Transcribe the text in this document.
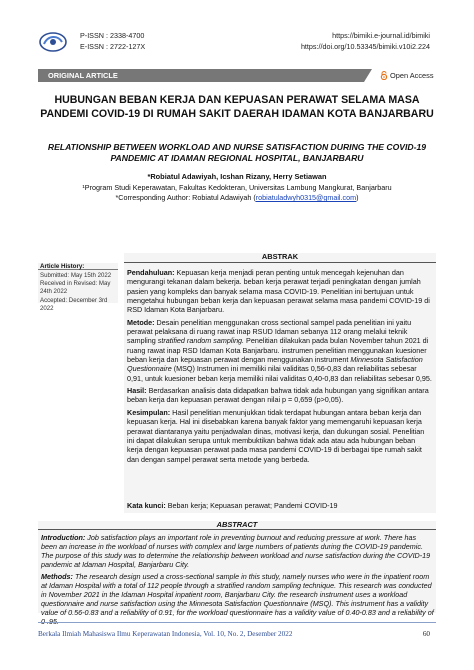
P-ISSN : 2338-4700
E-ISSN : 2722-127X
https://bimiki.e-journal.id/bimiki
https://doi.org/10.53345/bimiki.v10i2.224
ORIGINAL ARTICLE	Open Access
HUBUNGAN BEBAN KERJA DAN KEPUASAN PERAWAT SELAMA MASA PANDEMI COVID-19 DI RUMAH SAKIT DAERAH IDAMAN KOTA BANJARBARU
RELATIONSHIP BETWEEN WORKLOAD AND NURSE SATISFACTION DURING THE COVID-19 PANDEMIC AT IDAMAN REGIONAL HOSPITAL, BANJARBARU
*Robiatul Adawiyah, Icshan Rizany, Herry Setiawan
¹Program Studi Keperawatan, Fakultas Kedokteran, Universitas Lambung Mangkurat, Banjarbaru
*Corresponding Author: Robiatul Adawiyah (robiatuladwyh0315@gmail.com)
Article History:
Submitted: May 15th 2022
Received in Revised: May 24th 2022
Accepted: December 3rd 2022
ABSTRAK

Pendahuluan: Kepuasan kerja menjadi peran penting untuk mencegah kejenuhan dan mengurangi tekanan dalam bekerja. beban kerja perawat terjadi peningkatan dengan jumlah pasien yang kompleks dan banyak selama masa COVID-19. Penelitian ini bertujuan untuk mengetahui hubungan beban kerja dan kepuasan perawat selama masa pandemi COVID-19 di RSD Idaman Kota Banjarbaru.

Metode: Desain penelitian menggunakan cross sectional sampel pada penelitian ini yaitu perawat pelaksana di ruang rawat inap RSUD Idaman sebanya 112 orang melalui teknik sampling stratified random sampling. Penelitian dilakukan pada bulan November tahun 2021 di ruang rawat inap RSD Idaman Kota Banjarbaru. instrumen penelitian menggunakan kuesioner beban kerja dan kepuasan perawat dengan menggunakan instrument Minnesota Satisfaction Questionnaire (MSQ) Instrumen ini memiliki nilai validitas 0,56-0,83 dan reliabilitas sebesar 0,91, untuk kuesioner beban kerja memiliki nilai validitas 0,40-0,83 dan reliabilitas sebesar 0,95.

Hasil: Berdasarkan analisis data didapatkan bahwa tidak ada hubungan yang signifikan antara beban kerja dan kepuasan perawat dengan nilai p = 0,659 (p>0,05).

Kesimpulan: Hasil penelitian menunjukkan tidak terdapat hubungan antara beban kerja dan kepuasan kerja. Hal ini disebabkan karena banyak faktor yang memengaruhi kepuasan kerja perawat diantaranya yaitu penjadwalan dinas, motivasi kerja, dan dukungan sosial. Penelitian ini dapat dilakukan serupa untuk membuktikan bahwa tidak ada atau ada hubungan beban kerja dengan kepuasan perawat pada masa pandemi COVID-19 di berbagai tipe rumah sakit dan dengan sampel perawat serta metode yang berbeda.

Kata kunci: Beban kerja; Kepuasan perawat; Pandemi COVID-19
ABSTRACT

Introduction: Job satisfaction plays an important role in preventing burnout and reducing pressure at work. There has been an increase in the workload of nurses with complex and large numbers of patients during the COVID-19 pandemic. The purpose of this study was to determine the relationship between workload and nurse satisfaction during the COVID-19 pandemic at Idaman Hospital, Banjarbaru City.

Methods: The research design used a cross-sectional sample in this study, namely nurses who were in the inpatient room at Idaman Hospital with a total of 112 people through a stratified random sampling technique. This research was conducted in November 2021 in the Idaman Hospital inpatient room, Banjarbaru City. the research instrument uses a workload questionnaire and nurse satisfaction using the Minnesota Satisfaction Questionnaire (MSQ). This instrument has a validity value of 0.56-0.83 and a reliability of 0.91, for the workload questionnaire has a validity value of 0.40-0.83 and a reliability of 0 .95.

Berkala Ilmiah Mahasiswa Ilmu Keperawatan Indonesia, Vol. 10, No. 2, Desember 2022	60
